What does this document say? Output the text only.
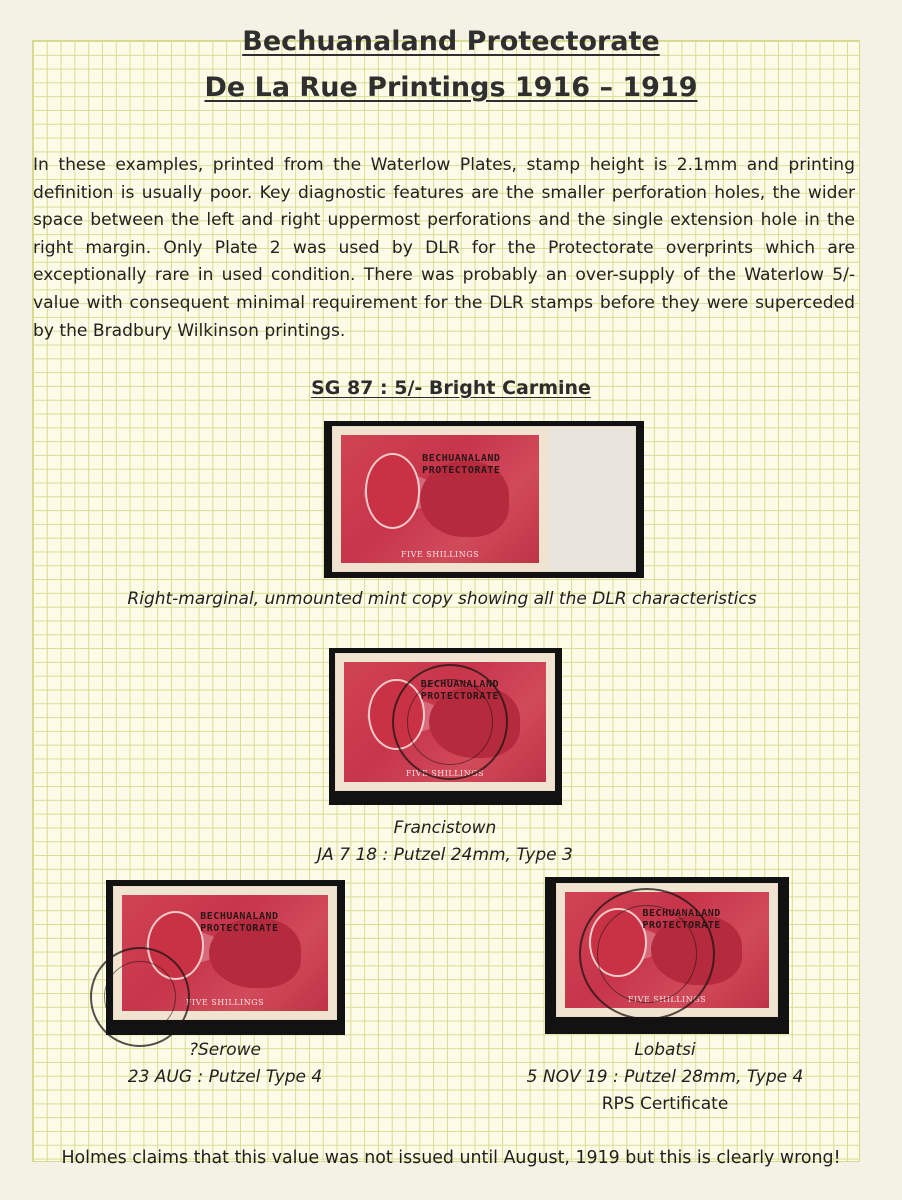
Bechuanaland Protectorate
De La Rue Printings 1916 – 1919
In these examples, printed from the Waterlow Plates, stamp height is 2.1mm and printing definition is usually poor. Key diagnostic features are the smaller perforation holes, the wider space between the left and right uppermost perforations and the single extension hole in the right margin. Only Plate 2 was used by DLR for the Protectorate overprints which are exceptionally rare in used condition. There was probably an over-supply of the Waterlow 5/- value with consequent minimal requirement for the DLR stamps before they were superceded by the Bradbury Wilkinson printings.
SG 87 : 5/- Bright Carmine
BECHUANALAND
PROTECTORATE
FIVE SHILLINGS
Right-marginal, unmounted mint copy showing all the DLR characteristics
BECHUANALAND
PROTECTORATE
FIVE SHILLINGS
Francistown
JA 7 18 : Putzel 24mm, Type 3
BECHUANALAND
PROTECTORATE
FIVE SHILLINGS
?Serowe
23 AUG : Putzel Type 4
BECHUANALAND
PROTECTORATE
FIVE SHILLINGS
Lobatsi
5 NOV 19 : Putzel 28mm, Type 4
RPS Certificate
Holmes claims that this value was not issued until August, 1919 but this is clearly wrong!
